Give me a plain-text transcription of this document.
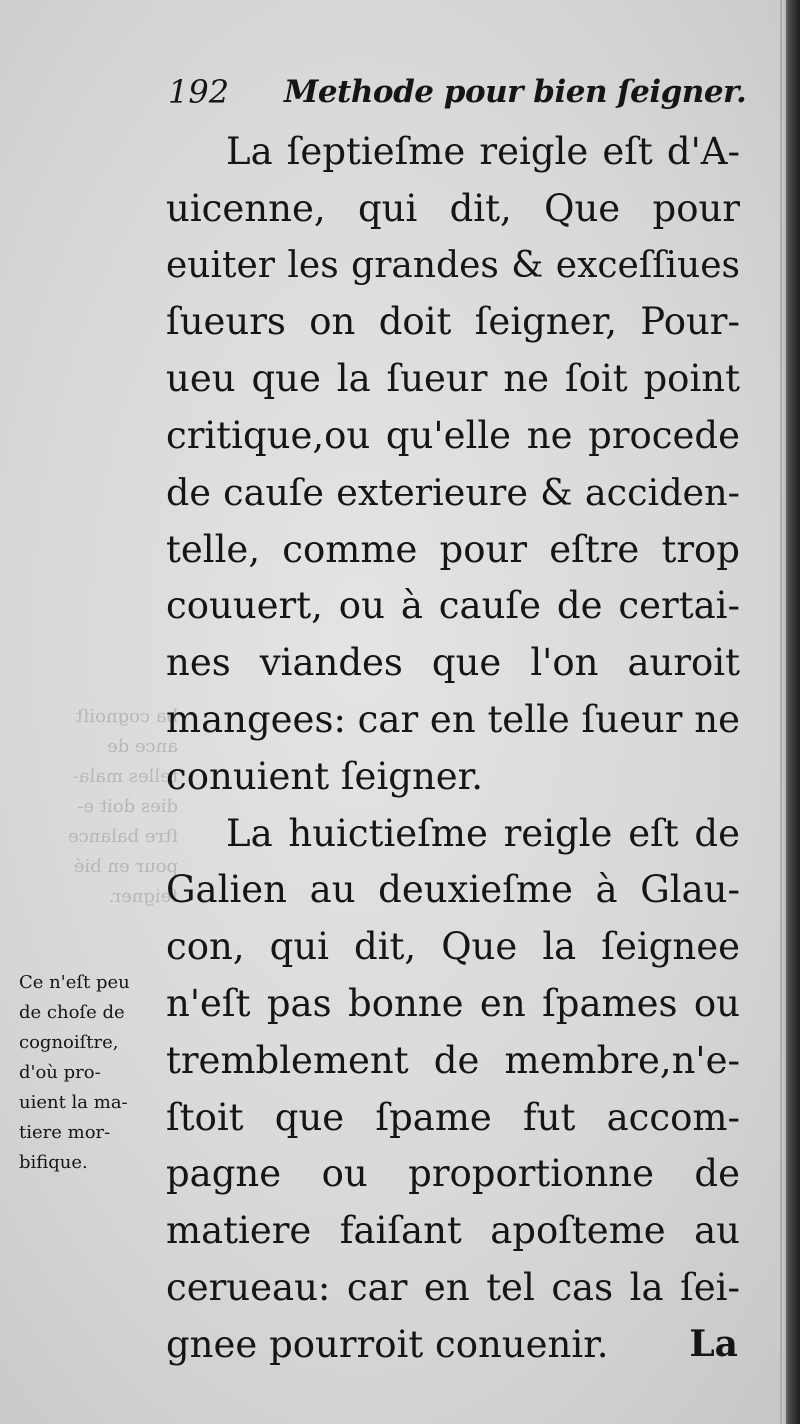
192 Methode pour bien ſeigner.
ba cognoiſt
ance de
telles mala-
dies doit e-
ſtre balance
pour en bié
ſeigner.
La ſeptieſme reigle eſt d'A-
uicenne, qui dit, Que pour
euiter les grandes & exceſſiues
ſueurs on doit ſeigner, Pour-
ueu que la ſueur ne ſoit point
critique,ou qu'elle ne procede
de cauſe exterieure & acciden-
telle, comme pour eſtre trop
couuert, ou à cauſe de certai-
nes viandes que l'on auroit
mangees: car en telle ſueur ne
conuient ſeigner.
La huictieſme reigle eſt de
Galien au deuxieſme à Glau-
con, qui dit, Que la ſeignee
n'eſt pas bonne en ſpames ou
tremblement de membre,n'e-
ſtoit que ſpame fut accom-
pagne ou proportionne de
matiere faiſant apoſteme au
cerueau: car en tel cas la ſei-
gnee pourroit conuenir.
Ce n'eſt peu
de choſe de
cognoiſtre,
d'où pro-
uient la ma-
tiere mor-
bifique.
La
